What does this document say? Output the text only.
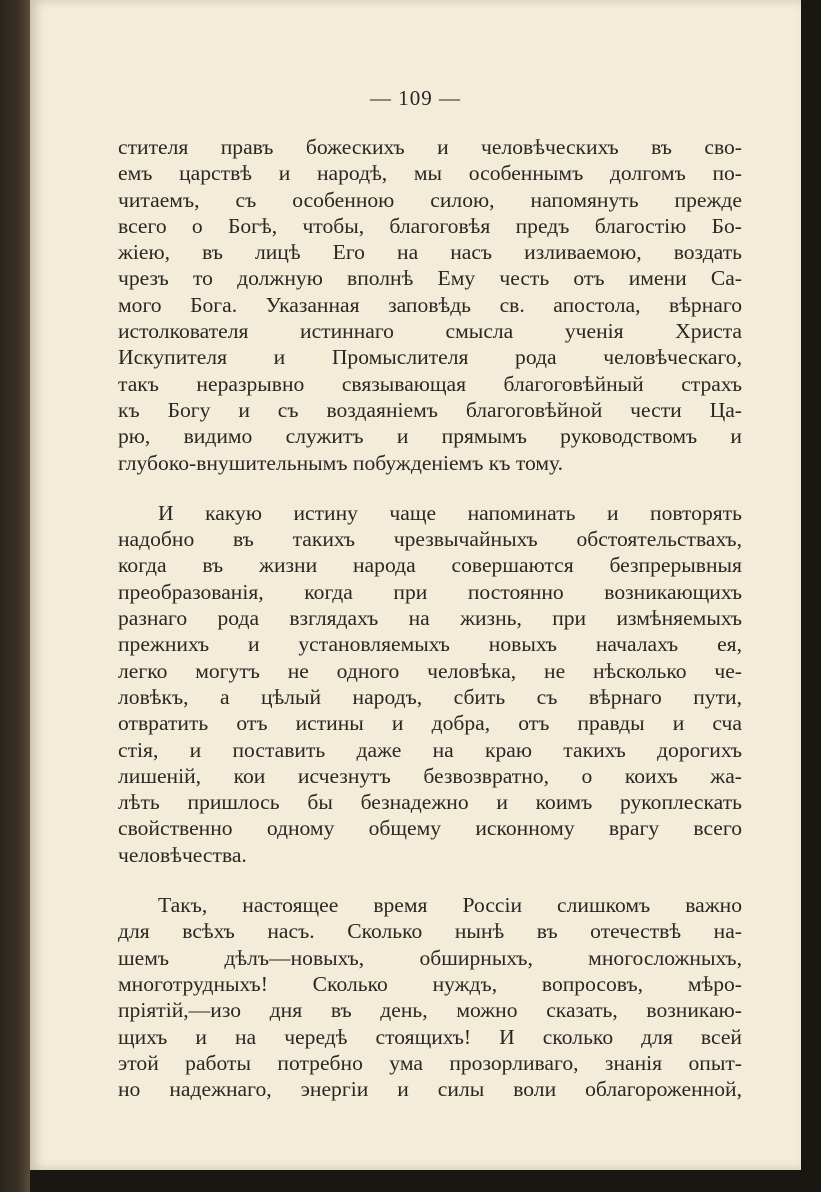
— 109 —

стителя правъ божескихъ и человѣческихъ въ сво-
емъ царствѣ и народѣ, мы особеннымъ долгомъ по-
читаемъ, съ особенною силою, напомянуть прежде
всего о Богѣ, чтобы, благоговѣя предъ благостію Бо-
жіею, въ лицѣ Его на насъ изливаемою, воздать
чрезъ то должную вполнѣ Ему честь отъ имени Са-
мого Бога. Указанная заповѣдь св. апостола, вѣрнаго
истолкователя истиннаго смысла ученія Христа
Искупителя и Промыслителя рода человѣческаго,
такъ неразрывно связывающая благоговѣйный страхъ
къ Богу и съ воздаяніемъ благоговѣйной чести Ца-
рю, видимо служитъ и прямымъ руководствомъ и
глубоко-внушительнымъ побужденіемъ къ тому.

И какую истину чаще напоминать и повторять
надобно въ такихъ чрезвычайныхъ обстоятельствахъ,
когда въ жизни народа совершаются безпрерывныя
преобразованія, когда при постоянно возникающихъ
разнаго рода взглядахъ на жизнь, при измѣняемыхъ
прежнихъ и установляемыхъ новыхъ началахъ ея,
легко могутъ не одного человѣка, не нѣсколько че-
ловѣкъ, а цѣлый народъ, сбить съ вѣрнаго пути,
отвратить отъ истины и добра, отъ правды и сча
стія, и поставить даже на краю такихъ дорогихъ
лишеній, кои исчезнутъ безвозвратно, о коихъ жа-
лѣть пришлось бы безнадежно и коимъ рукоплескать
свойственно одному общему исконному врагу всего
человѣчества.

Такъ, настоящее время Россіи слишкомъ важно
для всѣхъ насъ. Сколько нынѣ въ отечествѣ на-
шемъ дѣлъ—новыхъ, обширныхъ, многосложныхъ,
многотрудныхъ! Сколько нуждъ, вопросовъ, мѣро-
пріятій,—изо дня въ день, можно сказать, возникаю-
щихъ и на чередѣ стоящихъ! И сколько для всей
этой работы потребно ума прозорливаго, знанія опыт-
но надежнаго, энергіи и силы воли облагороженной,
